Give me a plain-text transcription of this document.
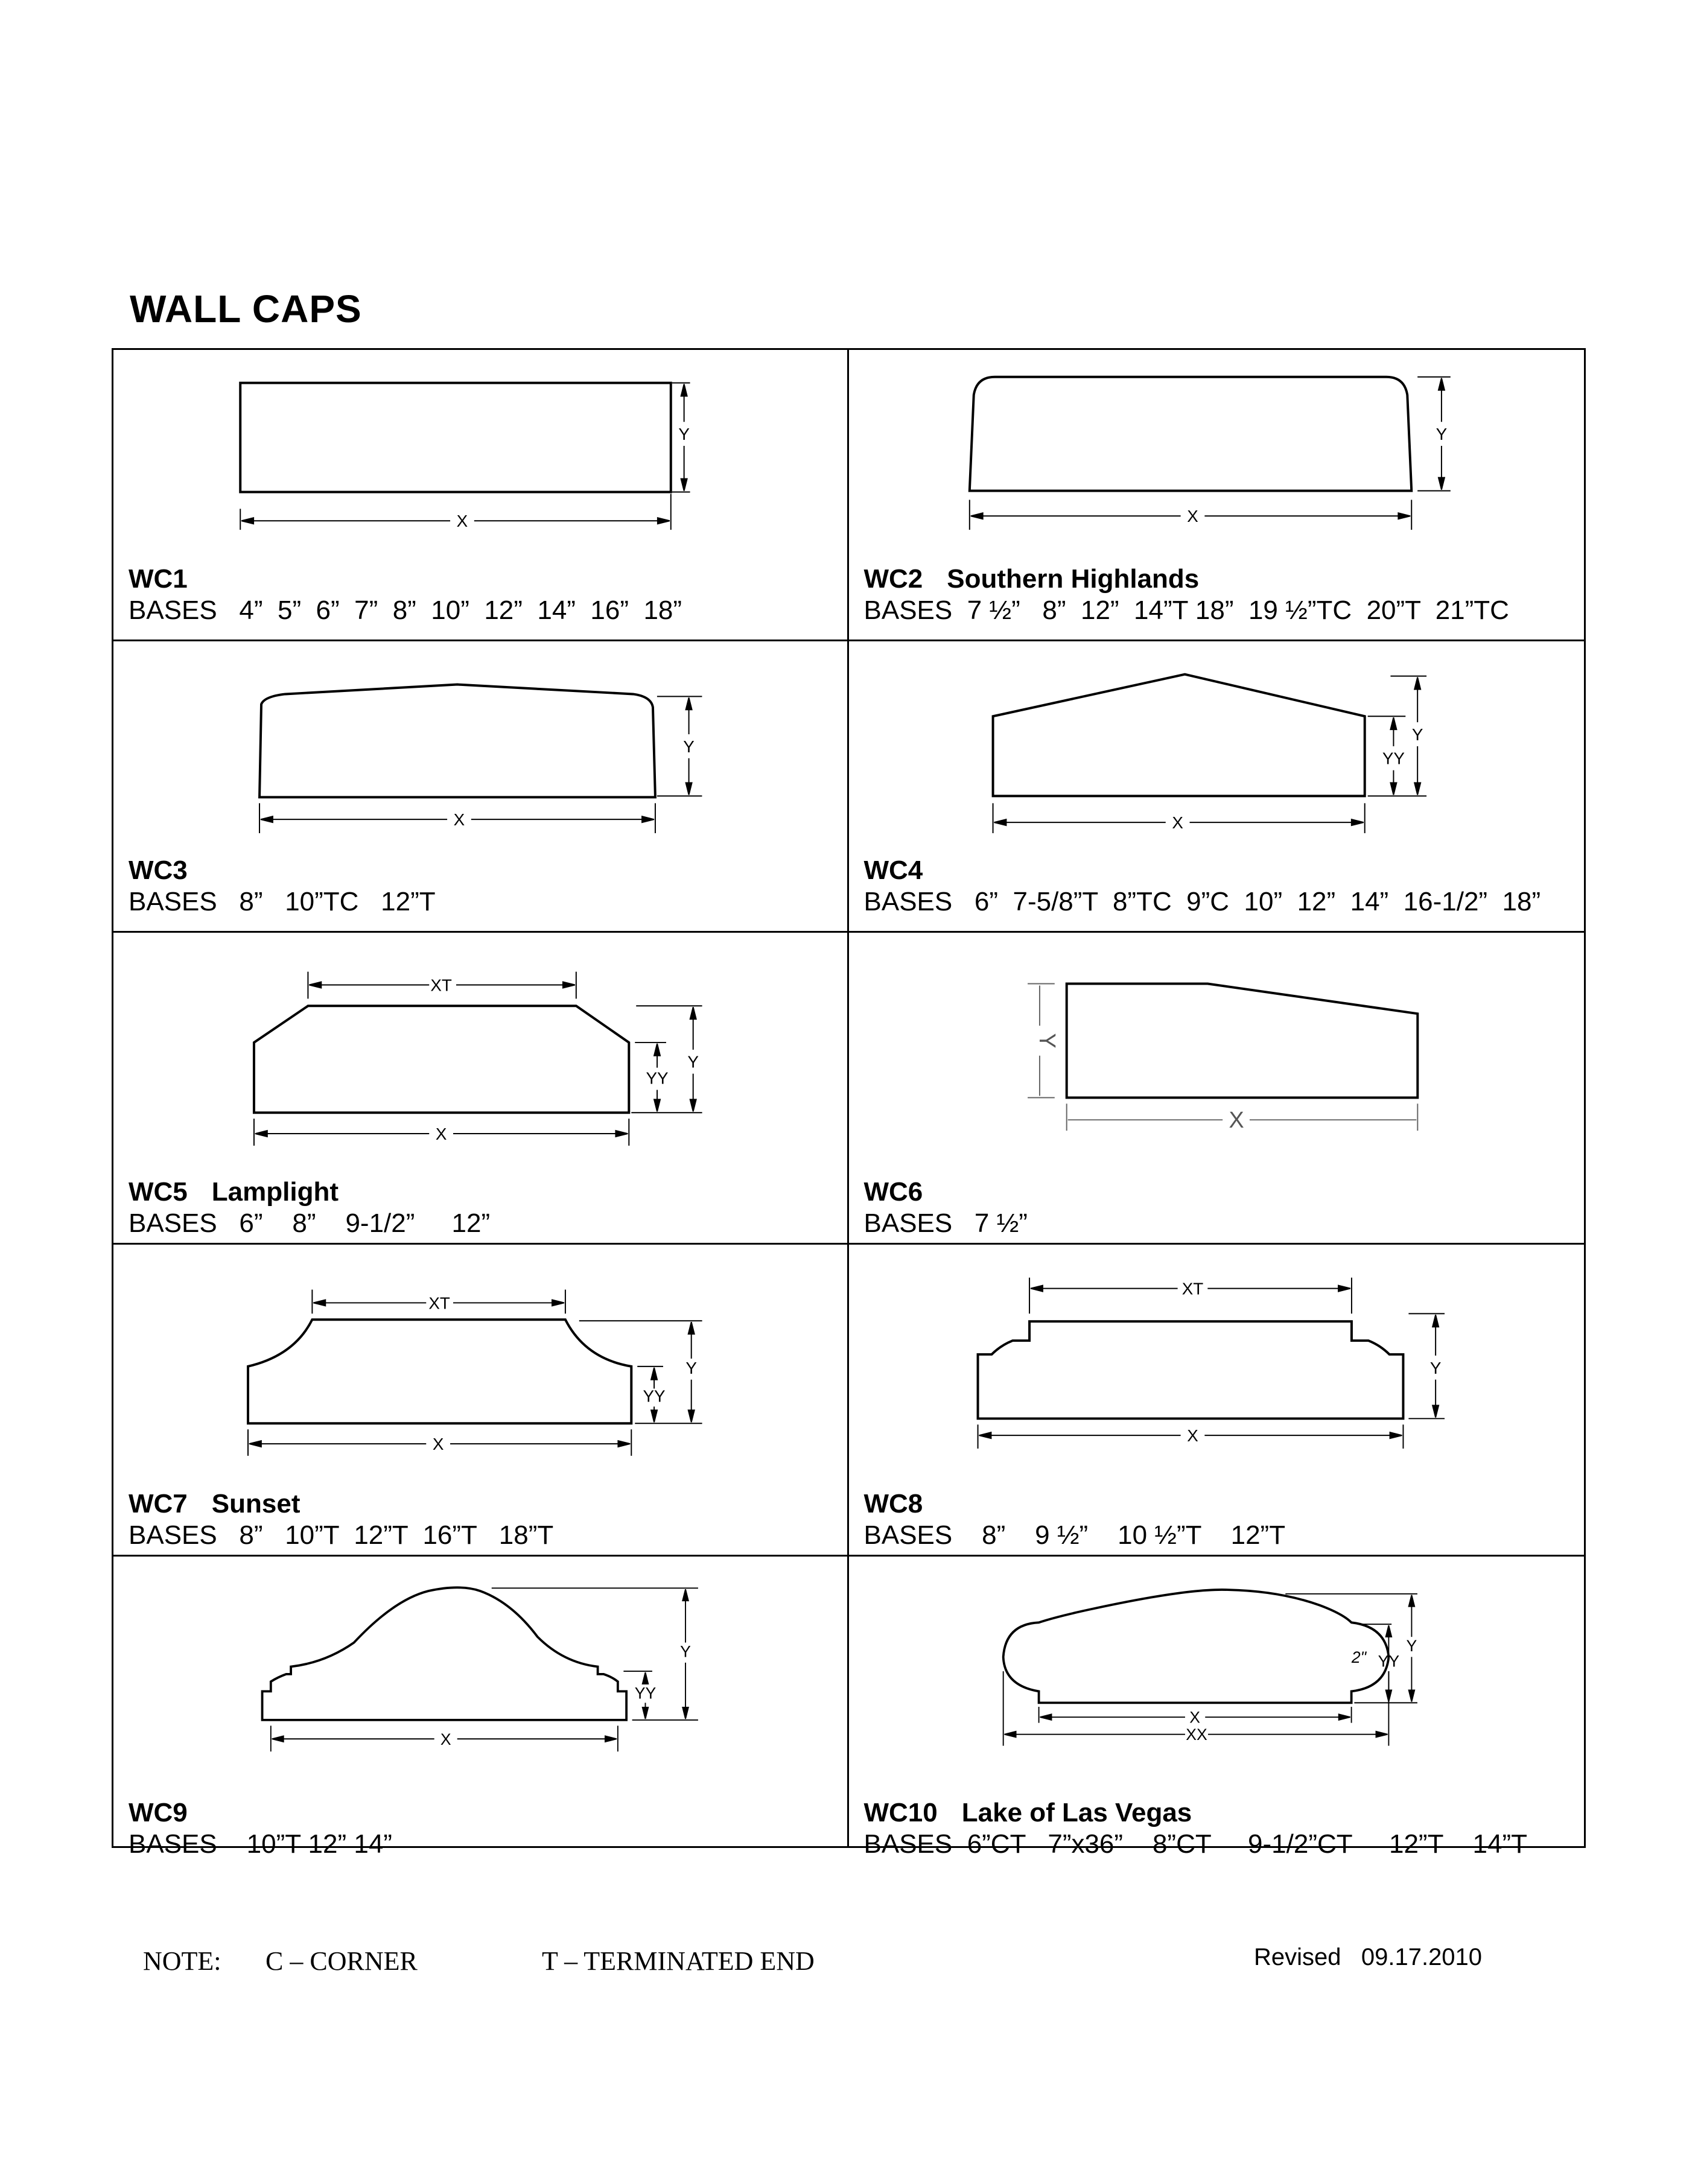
WALL CAPS
X
Y
WC1
BASES   4”  5”  6”  7”  8”  10”  12”  14”  16”  18”
X
Y
WC2 Southern Highlands
BASES  7 ½”   8”  12”  14”T 18”  19 ½”TC  20”T  21”TC
X
Y
WC3
BASES   8”   10”TC   12”T
X
YY
Y
WC4
BASES   6”  7-5/8”T  8”TC  9”C  10”  12”  14”  16-1/2”  18”
XT
X
YY
Y
WC5 Lamplight
BASES   6”    8”    9-1/2”     12”
X
Y
WC6
BASES   7 ½”
XT
X
YY
Y
WC7 Sunset
BASES   8”   10”T  12”T  16”T   18”T
XT
X
Y
WC8
BASES    8”    9 ½”    10 ½”T    12”T
X
YY
Y
WC9
BASES    10”T 12” 14”
X
XX
YY
Y
2"
WC10 Lake of Las Vegas
BASES  6”CT   7”x36”    8”CT     9-1/2”CT     12”T    14”T
NOTE: C – CORNER	T – TERMINATED END	Revised   09.17.2010
